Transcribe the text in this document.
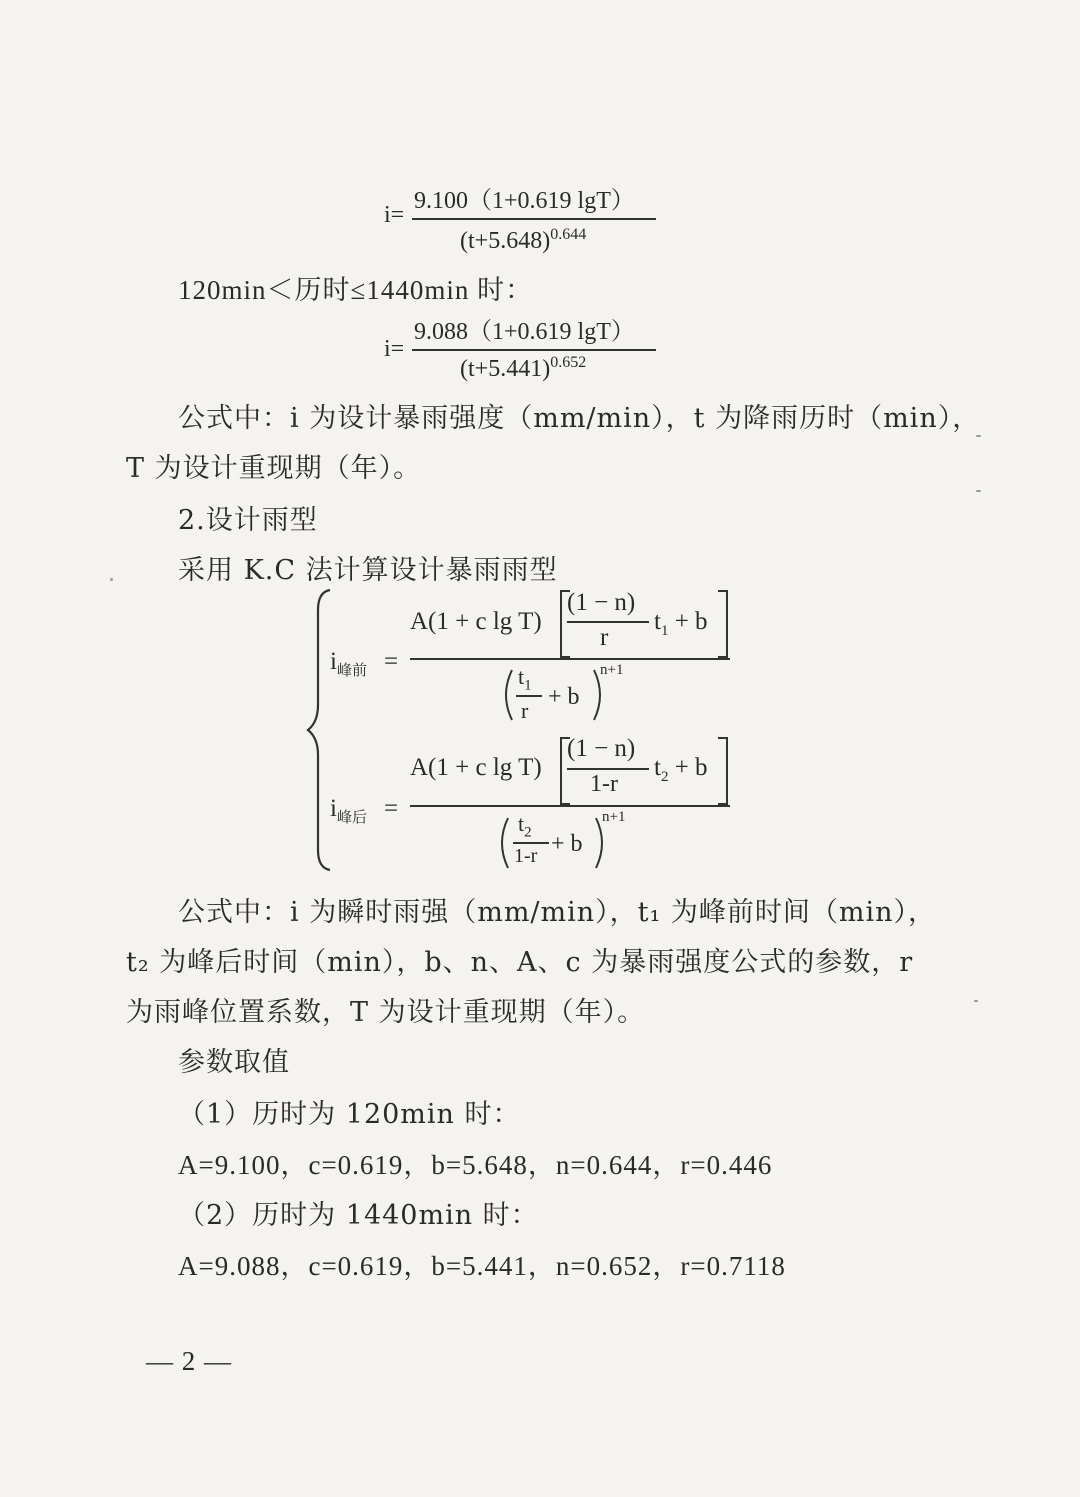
i=
9.100（1+0.619 lgT）
$(t+5.648)^{0.644}$
120min＜历时≤1440min 时：
i=
9.088（1+0.619 lgT）
$(t+5.441)^{0.652}$
公式中：i 为设计暴雨强度（mm/min），t 为降雨历时（min），
T 为设计重现期（年）。
2.设计雨型
采用 K.C 法计算设计暴雨雨型
$i_{峰前}$ =
A(1 + c lg T)
(1 − n)
r
$t_1 + b$
$t_1$
r
+ b
n+1
$i_{峰后}$ =
A(1 + c lg T)
(1 − n)
1-r
$t_2 + b$
$t_2$
1-r + b
n+1
公式中：i 为瞬时雨强（mm/min），t₁ 为峰前时间（min），
t₂ 为峰后时间（min），b、n、A、c 为暴雨强度公式的参数，r
为雨峰位置系数，T 为设计重现期（年）。
参数取值
（1）历时为 120min 时：
A=9.100，c=0.619，b=5.648，n=0.644，r=0.446
（2）历时为 1440min 时：
A=9.088，c=0.619，b=5.441，n=0.652，r=0.7118
— 2 —
